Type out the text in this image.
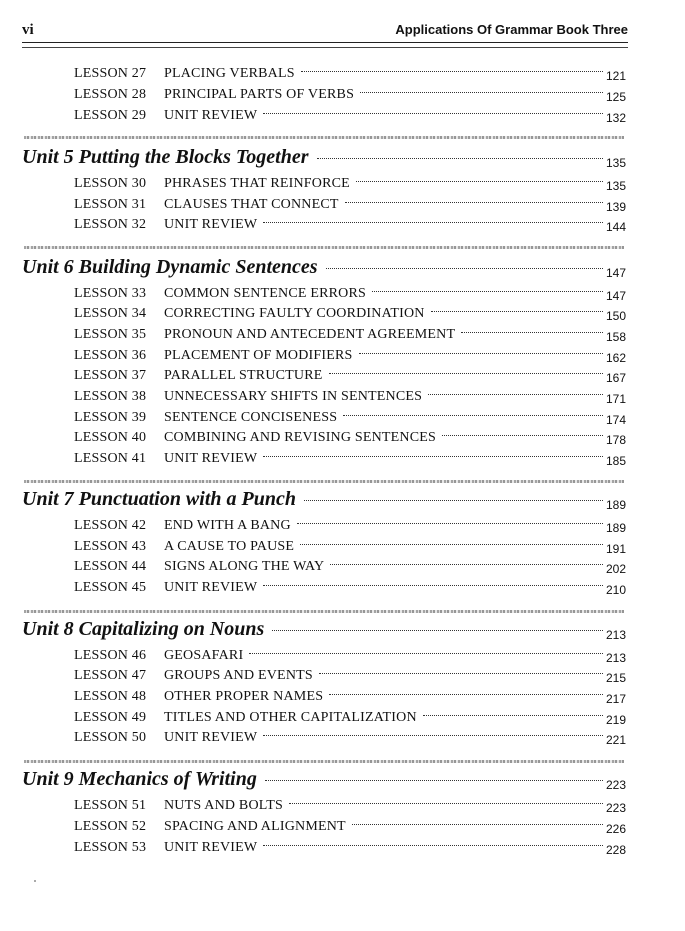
vi	Applications Of Grammar Book Three
LESSON 27 PLACING VERBALS	121
LESSON 28 PRINCIPAL PARTS OF VERBS	125
LESSON 29 UNIT REVIEW	132
Unit 5 Putting the Blocks Together	135
LESSON 30 PHRASES THAT REINFORCE	135
LESSON 31 CLAUSES THAT CONNECT	139
LESSON 32 UNIT REVIEW	144
Unit 6 Building Dynamic Sentences	147
LESSON 33 COMMON SENTENCE ERRORS	147
LESSON 34 CORRECTING FAULTY COORDINATION	150
LESSON 35 PRONOUN AND ANTECEDENT AGREEMENT	158
LESSON 36 PLACEMENT OF MODIFIERS	162
LESSON 37 PARALLEL STRUCTURE	167
LESSON 38 UNNECESSARY SHIFTS IN SENTENCES	171
LESSON 39 SENTENCE CONCISENESS	174
LESSON 40 COMBINING AND REVISING SENTENCES	178
LESSON 41 UNIT REVIEW	185
Unit 7 Punctuation with a Punch	189
LESSON 42 END WITH A BANG	189
LESSON 43 A CAUSE TO PAUSE	191
LESSON 44 SIGNS ALONG THE WAY	202
LESSON 45 UNIT REVIEW	210
Unit 8 Capitalizing on Nouns	213
LESSON 46 GEOSAFARI	213
LESSON 47 GROUPS AND EVENTS	215
LESSON 48 OTHER PROPER NAMES	217
LESSON 49 TITLES AND OTHER CAPITALIZATION	219
LESSON 50 UNIT REVIEW	221
Unit 9 Mechanics of Writing	223
LESSON 51 NUTS AND BOLTS	223
LESSON 52 SPACING AND ALIGNMENT	226
LESSON 53 UNIT REVIEW	228
